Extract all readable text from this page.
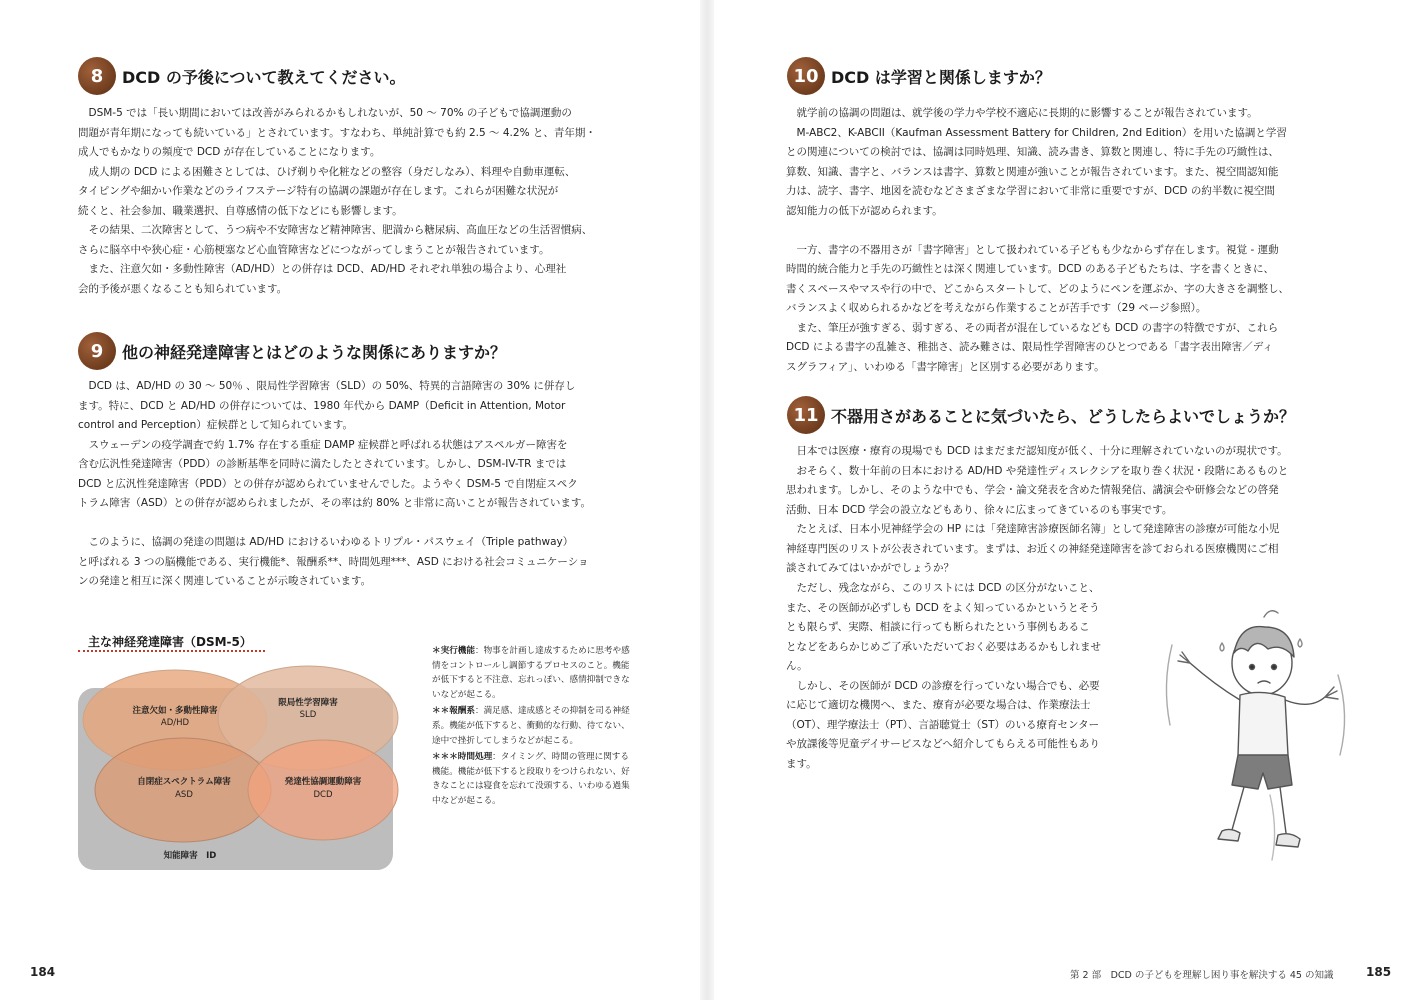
8	DCD の予後について教えてください。

DSM-5 では「長い期間においては改善がみられるかもしれないが、50 ～ 70% の子どもで協調運動の

問題が青年期になっても続いている」とされています。すなわち、単純計算でも約 2.5 ～ 4.2% と、青年期・

成人でもかなりの頻度で DCD が存在していることになります。

成人期の DCD による困難さとしては、ひげ剃りや化粧などの整容（身だしなみ）、料理や自動車運転、

タイピングや細かい作業などのライフステージ特有の協調の課題が存在します。これらが困難な状況が

続くと、社会参加、職業選択、自尊感情の低下などにも影響します。

その結果、二次障害として、うつ病や不安障害など精神障害、肥満から糖尿病、高血圧などの生活習慣病、

さらに脳卒中や狭心症・心筋梗塞など心血管障害などにつながってしまうことが報告されています。

また、注意欠如・多動性障害（AD/HD）との併存は DCD、AD/HD それぞれ単独の場合より、心理社

会的予後が悪くなることも知られています。

9	他の神経発達障害とはどのような関係にありますか？

DCD は、AD/HD の 30 ～ 50％ 、限局性学習障害（SLD）の 50%、特異的言語障害の 30% に併存し

ます。特に、DCD と AD/HD の併存については、1980 年代から DAMP（Deficit in Attention, Motor

control and Perception）症候群として知られています。

スウェーデンの疫学調査で約 1.7% 存在する重症 DAMP 症候群と呼ばれる状態はアスペルガー障害を

含む広汎性発達障害（PDD）の診断基準を同時に満たしたとされています。しかし、DSM-IV-TR までは

DCD と広汎性発達障害（PDD）との併存が認められていませんでした。ようやく DSM-5 で自閉症スペク

トラム障害（ASD）との併存が認められましたが、その率は約 80% と非常に高いことが報告されています。

このように、協調の発達の問題は AD/HD におけるいわゆるトリプル・パスウェイ（Triple pathway）

と呼ばれる 3 つの脳機能である、実行機能*、報酬系**、時間処理***、ASD における社会コミュニケーショ

ンの発達と相互に深く関連していることが示唆されています。

主な神経発達障害（DSM-5）
注意欠如・多動性障害
AD/HD
限局性学習障害
SLD
自閉症スペクトラム障害
ASD
発達性協調運動障害
DCD
知能障害　ID

＊実行機能：物事を計画し達成するために思考や感情をコントロールし調節するプロセスのこと。機能が低下すると不注意、忘れっぽい、感情抑制できないなどが起こる。

＊＊報酬系：満足感、達成感とその抑制を司る神経系。機能が低下すると、衝動的な行動、待てない、途中で挫折してしまうなどが起こる。

＊＊＊時間処理：タイミング、時間の管理に関する機能。機能が低下すると段取りをつけられない、好きなことには寝食を忘れて没頭する、いわゆる過集中などが起こる。

184
10 DCD は学習と関係しますか？

就学前の協調の問題は、就学後の学力や学校不適応に長期的に影響することが報告されています。

M-ABC2、K-ABCII（Kaufman Assessment Battery for Children, 2nd Edition）を用いた協調と学習

との関連についての検討では、協調は同時処理、知識、読み書き、算数と関連し、特に手先の巧緻性は、

算数、知識、書字と、バランスは書字、算数と関連が強いことが報告されています。また、視空間認知能

力は、読字、書字、地図を読むなどさまざまな学習において非常に重要ですが、DCD の約半数に視空間

認知能力の低下が認められます。

一方、書字の不器用さが「書字障害」として扱われている子どもも少なからず存在します。視覚 - 運動

時間的統合能力と手先の巧緻性とは深く関連しています。DCD のある子どもたちは、字を書くときに、

書くスペースやマスや行の中で、どこからスタートして、どのようにペンを運ぶか、字の大きさを調整し、

バランスよく収められるかなどを考えながら作業することが苦手です（29 ページ参照）。

また、筆圧が強すぎる、弱すぎる、その両者が混在しているなども DCD の書字の特徴ですが、これら

DCD による書字の乱雑さ、稚拙さ、読み難さは、限局性学習障害のひとつである「書字表出障害／ディ

スグラフィア」、いわゆる「書字障害」と区別する必要があります。

11 不器用さがあることに気づいたら、どうしたらよいでしょうか？

日本では医療・療育の現場でも DCD はまだまだ認知度が低く、十分に理解されていないのが現状です。

おそらく、数十年前の日本における AD/HD や発達性ディスレクシアを取り巻く状況・段階にあるものと

思われます。しかし、そのような中でも、学会・論文発表を含めた情報発信、講演会や研修会などの啓発

活動、日本 DCD 学会の設立などもあり、徐々に広まってきているのも事実です。

たとえば、日本小児神経学会の HP には「発達障害診療医師名簿」として発達障害の診療が可能な小児

神経専門医のリストが公表されています。まずは、お近くの神経発達障害を診ておられる医療機関にご相

談されてみてはいかがでしょうか？

ただし、残念ながら、このリストには DCD の区分がないこと、

また、その医師が必ずしも DCD をよく知っているかというとそう

とも限らず、実際、相談に行っても断られたという事例もあるこ

となどをあらかじめご了承いただいておく必要はあるかもしれませ

ん。

しかし、その医師が DCD の診療を行っていない場合でも、必要

に応じて適切な機関へ、また、療育が必要な場合は、作業療法士

（OT）、理学療法士（PT）、言語聴覚士（ST）のいる療育センター

や放課後等児童デイサービスなどへ紹介してもらえる可能性もあり

ます。

第 2 部　DCD の子どもを理解し困り事を解決する 45 の知識	185
